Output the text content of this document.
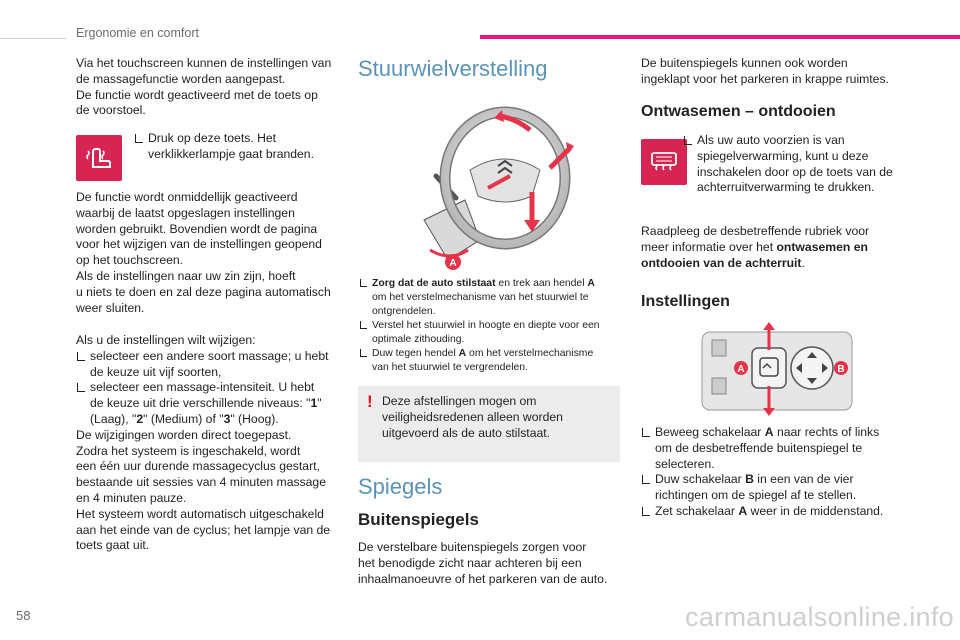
Ergonomie en comfort
Via het touchscreen kunnen de instellingen van
de massagefunctie worden aangepast.
De functie wordt geactiveerd met de toets op
de voorstoel.
Druk op deze toets. Het
verklikkerlampje gaat branden.
De functie wordt onmiddellijk geactiveerd
waarbij de laatst opgeslagen instellingen
worden gebruikt. Bovendien wordt de pagina
voor het wijzigen van de instellingen geopend
op het touchscreen.
Als de instellingen naar uw zin zijn, hoeft
u niets te doen en zal deze pagina automatisch
weer sluiten.
Als u de instellingen wilt wijzigen:
selecteer een andere soort massage; u hebt
de keuze uit vijf soorten,
selecteer een massage-intensiteit. U hebt
de keuze uit drie verschillende niveaus: "1"
(Laag), "2" (Medium) of "3" (Hoog).
De wijzigingen worden direct toegepast.
Zodra het systeem is ingeschakeld, wordt
een één uur durende massagecyclus gestart,
bestaande uit sessies van 4 minuten massage
en 4 minuten pauze.
Het systeem wordt automatisch uitgeschakeld
aan het einde van de cyclus; het lampje van de
toets gaat uit.
Stuurwielverstelling
A
Zorg dat de auto stilstaat en trek aan hendel A
om het verstelmechanisme van het stuurwiel te
ontgrendelen.
Verstel het stuurwiel in hoogte en diepte voor een
optimale zithouding.
Duw tegen hendel A om het verstelmechanisme
van het stuurwiel te vergrendelen.
! Deze afstellingen mogen om
veiligheidsredenen alleen worden
uitgevoerd als de auto stilstaat.
Spiegels
Buitenspiegels
De verstelbare buitenspiegels zorgen voor
het benodigde zicht naar achteren bij een
inhaalmanoeuvre of het parkeren van de auto.
De buitenspiegels kunnen ook worden
ingeklapt voor het parkeren in krappe ruimtes.
Ontwasemen – ontdooien
Als uw auto voorzien is van
spiegelverwarming, kunt u deze
inschakelen door op de toets van de
achterruitverwarming te drukken.
Raadpleeg de desbetreffende rubriek voor
meer informatie over het ontwasemen en
ontdooien van de achterruit.
Instellingen
A	B
Beweeg schakelaar A naar rechts of links
om de desbetreffende buitenspiegel te
selecteren.
Duw schakelaar B in een van de vier
richtingen om de spiegel af te stellen.
Zet schakelaar A weer in de middenstand.
58	carmanualsonline.info
